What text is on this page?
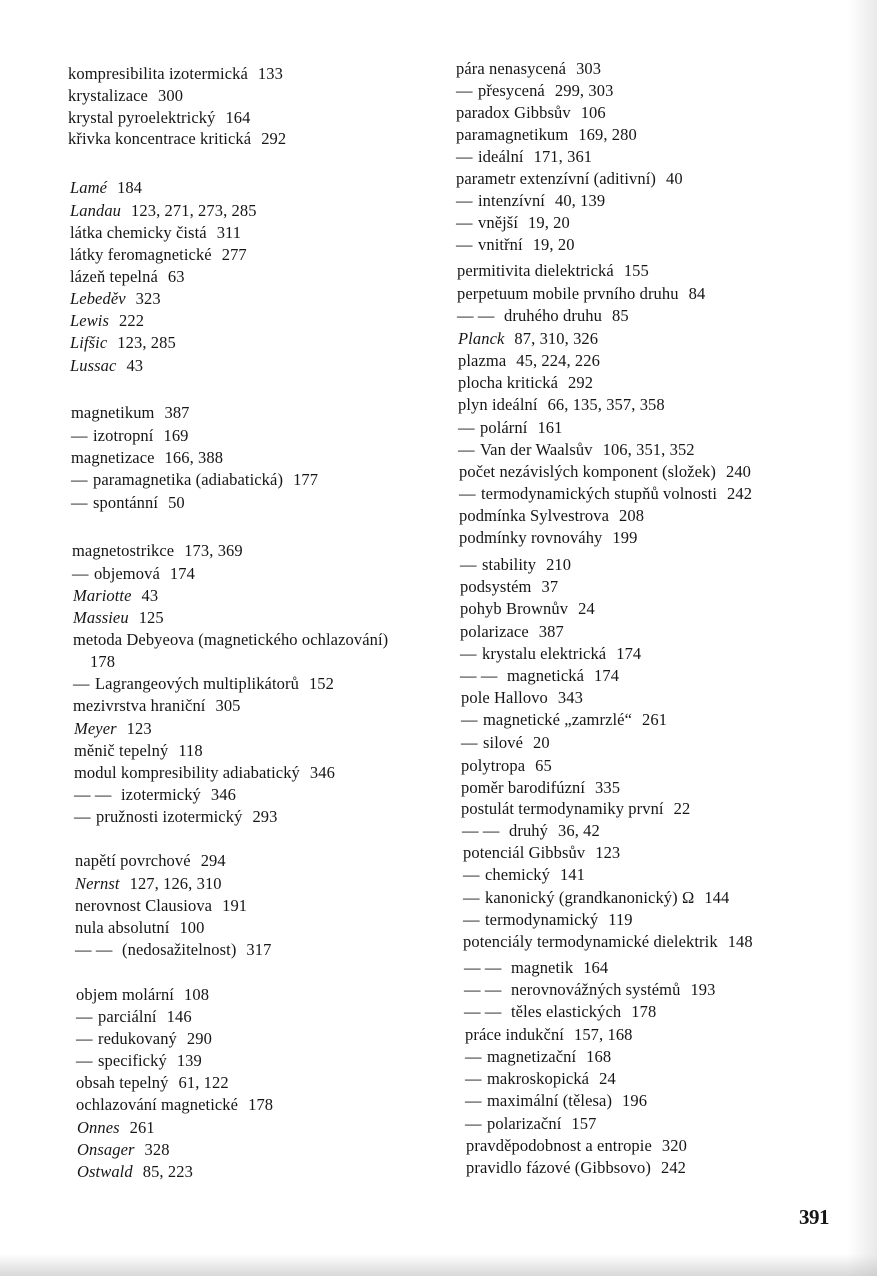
kompresibilita izotermická 133
krystalizace 300
krystal pyroelektrický 164
křivka koncentrace kritická 292
Lamé 184
Landau 123, 271, 273, 285
látka chemicky čistá 311
látky feromagnetické 277
lázeň tepelná 63
Lebeděv 323
Lewis 222
Lifšic 123, 285
Lussac 43
magnetikum 387
— izotropní 169
magnetizace 166, 388
— paramagnetika (adiabatická) 177
— spontánní 50
magnetostrikce 173, 369
— objemová 174
Mariotte 43
Massieu 125
metoda Debyeova (magnetického ochlazování)
178
— Lagrangeových multiplikátorů 152
mezivrstva hraniční 305
Meyer 123
měnič tepelný 118
modul kompresibility adiabatický 346
— — izotermický 346
— pružnosti izotermický 293
napětí povrchové 294
Nernst 127, 126, 310
nerovnost Clausiova 191
nula absolutní 100
— — (nedosažitelnost) 317
objem molární 108
— parciální 146
— redukovaný 290
— specifický 139
obsah tepelný 61, 122
ochlazování magnetické 178
Onnes 261
Onsager 328
Ostwald 85, 223
pára nenasycená 303
— přesycená 299, 303
paradox Gibbsův 106
paramagnetikum 169, 280
— ideální 171, 361
parametr extenzívní (aditivní) 40
— intenzívní 40, 139
— vnější 19, 20
— vnitřní 19, 20
permitivita dielektrická 155
perpetuum mobile prvního druhu 84
— — druhého druhu 85
Planck 87, 310, 326
plazma 45, 224, 226
plocha kritická 292
plyn ideální 66, 135, 357, 358
— polární 161
— Van der Waalsův 106, 351, 352
počet nezávislých komponent (složek) 240
— termodynamických stupňů volnosti 242
podmínka Sylvestrova 208
podmínky rovnováhy 199
— stability 210
podsystém 37
pohyb Brownův 24
polarizace 387
— krystalu elektrická 174
— — magnetická 174
pole Hallovo 343
— magnetické „zamrzlé“ 261
— silové 20
polytropa 65
poměr barodifúzní 335
postulát termodynamiky první 22
— — druhý 36, 42
potenciál Gibbsův 123
— chemický 141
— kanonický (grandkanonický) Ω 144
— termodynamický 119
potenciály termodynamické dielektrik 148
— — magnetik 164
— — nerovnovážných systémů 193
— — těles elastických 178
práce indukční 157, 168
— magnetizační 168
— makroskopická 24
— maximální (tělesa) 196
— polarizační 157
pravděpodobnost a entropie 320
pravidlo fázové (Gibbsovo) 242
391
